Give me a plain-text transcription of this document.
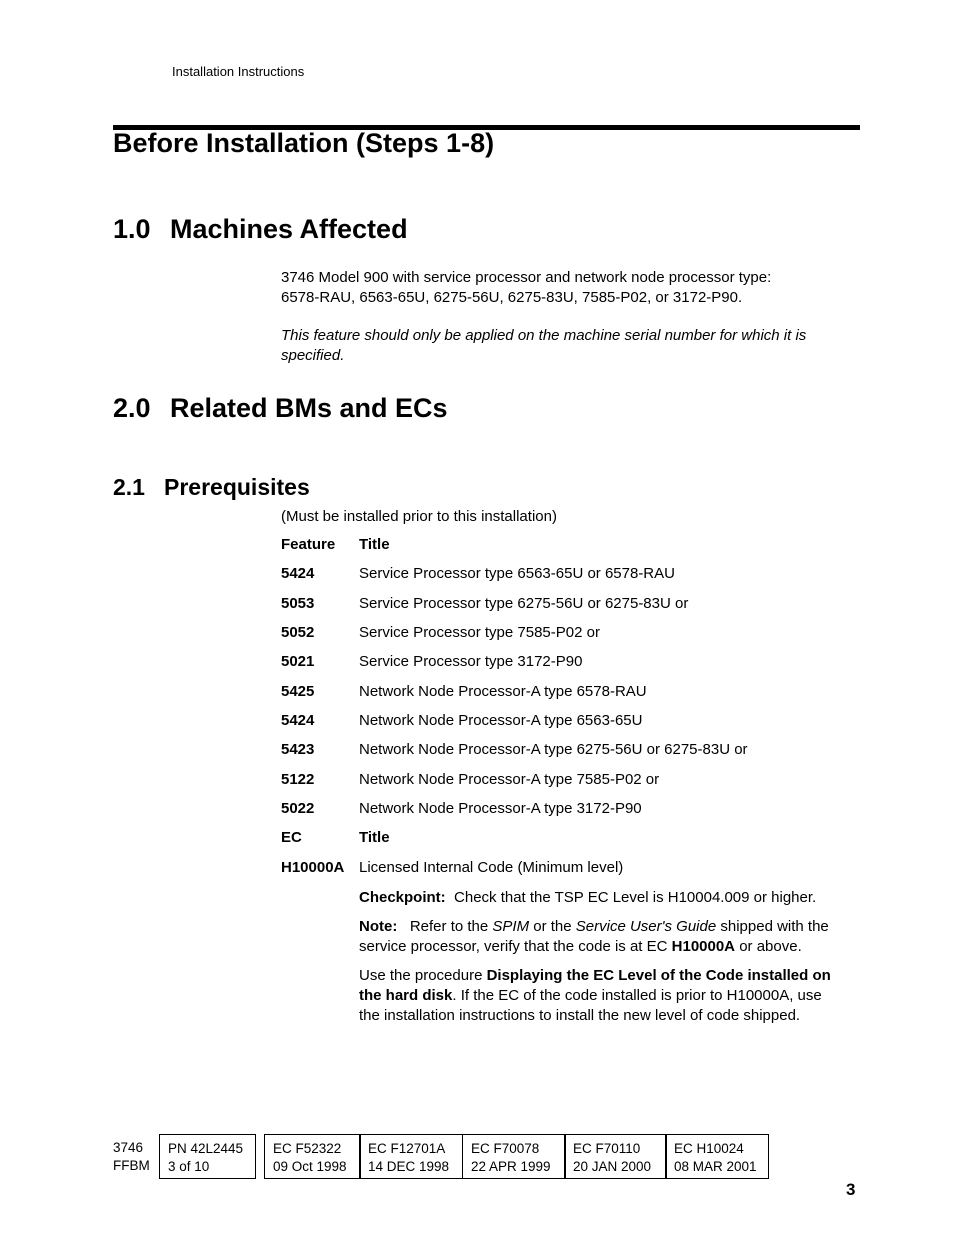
Installation Instructions
Before Installation (Steps 1-8)
1.0 Machines Affected
3746 Model 900 with service processor and network node processor type:
6578-RAU, 6563-65U, 6275-56U, 6275-83U, 7585-P02, or 3172-P90.
This feature should only be applied on the machine serial number for which it is
specified.
2.0 Related BMs and ECs
2.1 Prerequisites
(Must be installed prior to this installation)
Feature Title
5424	Service Processor type 6563-65U or 6578-RAU
5053	Service Processor type 6275-56U or 6275-83U or
5052	Service Processor type 7585-P02 or
5021	Service Processor type 3172-P90
5425	Network Node Processor-A type 6578-RAU
5424	Network Node Processor-A type 6563-65U
5423	Network Node Processor-A type 6275-56U or 6275-83U or
5122	Network Node Processor-A type 7585-P02 or
5022	Network Node Processor-A type 3172-P90
EC	Title
H10000A Licensed Internal Code (Minimum level)
Checkpoint: Check that the TSP EC Level is H10004.009 or higher.
Note: Refer to the SPIM or the Service User's Guide shipped with the
service processor, verify that the code is at EC H10000A or above.
Use the procedure Displaying the EC Level of the Code installed on
the hard disk. If the EC of the code installed is prior to H10000A, use
the installation instructions to install the new level of code shipped.
3746
FFBM
PN 42L2445
3 of 10
EC F52322
09 Oct 1998
EC F12701A
14 DEC 1998
EC F70078
22 APR 1999
EC F70110
20 JAN 2000
EC H10024
08 MAR 2001
3
